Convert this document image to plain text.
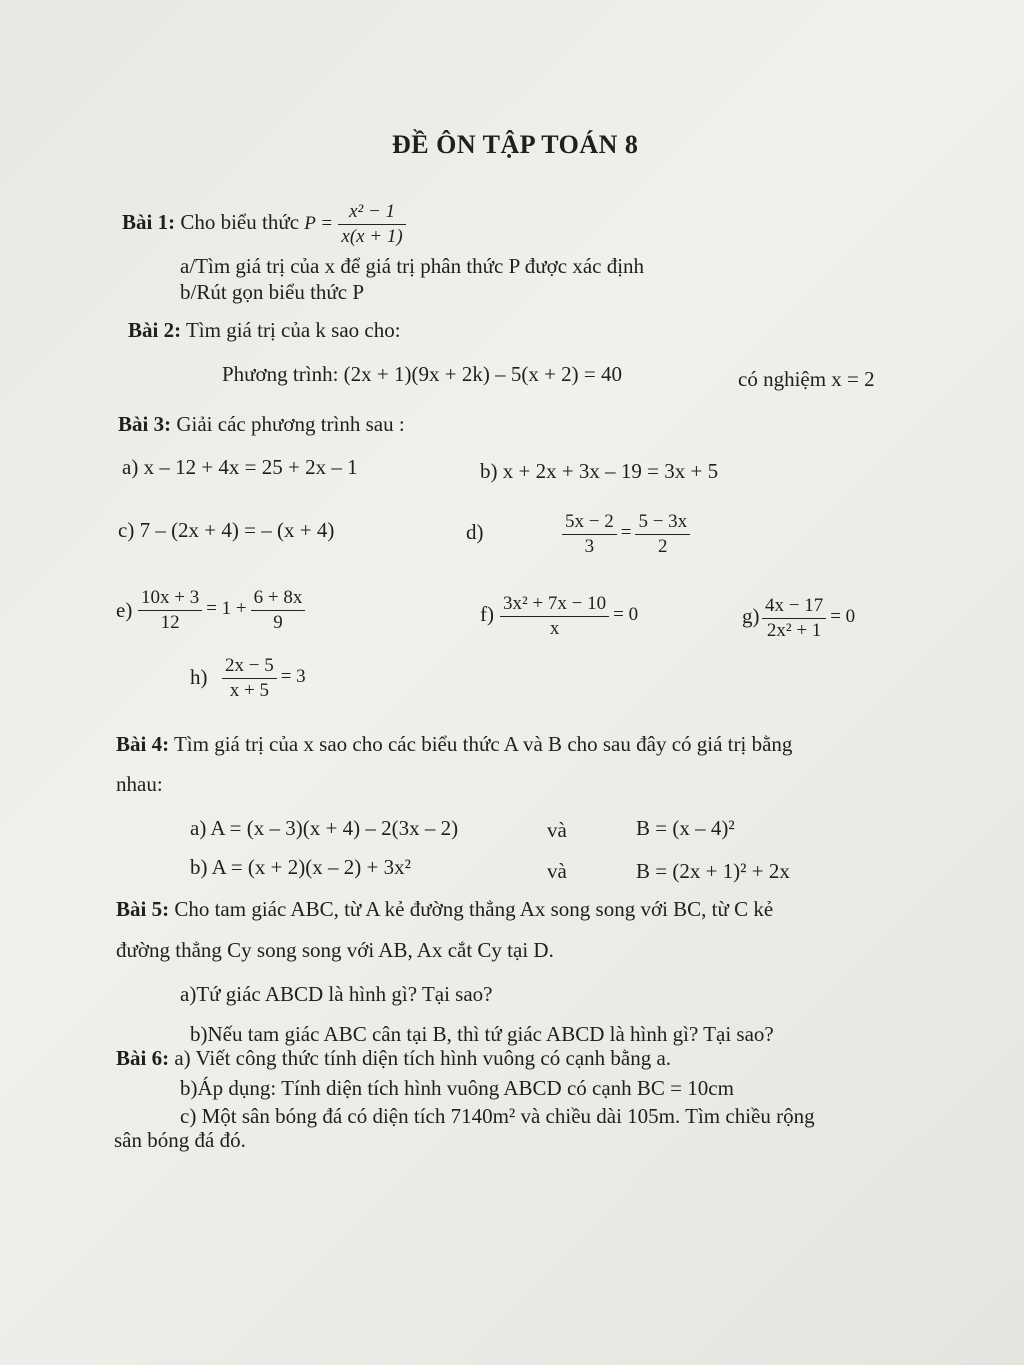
ĐỀ ÔN TẬP TOÁN 8
Bài 1: Cho biểu thức $P = \frac{\text{x² − 1}}{x(x + 1)}$
a/Tìm giá trị của x để giá trị phân thức P được xác định
b/Rút gọn biểu thức P
Bài 2: Tìm giá trị của k sao cho:
Phương trình: (2x + 1)(9x + 2k) – 5(x + 2) = 40	có nghiệm x = 2
Bài 3: Giải các phương trình sau :
a) x – 12 + 4x = 25 + 2x – 1	b) x + 2x + 3x – 19 = 3x + 5
c) 7 – (2x + 4) = – (x + 4)	d)	$\frac{5x - 2}{3} = \frac{5 - 3x}{2}$
$e) \frac{10x + 3}{12} = 1 + \frac{6 + 8x}{9}$	$f) \frac{\text{3x² + 7x − 10}}{x} = 0$	$g) \frac{4x - 17}{\text{2x² + 1}} = 0$
$h) \frac{2x - 5}{x + 5} = 3$
Bài 4: Tìm giá trị của x sao cho các biểu thức A và B cho sau đây có giá trị bằng
nhau:
a) A = (x – 3)(x + 4) – 2(3x – 2)	và	B = (x – 4)²
b) A = (x + 2)(x – 2) + 3x²	và	B = (2x + 1)² + 2x
Bài 5: Cho tam giác ABC, từ A kẻ đường thẳng Ax song song với BC, từ C kẻ
đường thẳng Cy song song với AB, Ax cắt Cy tại D.
a)Tứ giác ABCD là hình gì? Tại sao?
b)Nếu tam giác ABC cân tại B, thì tứ giác ABCD là hình gì? Tại sao?
Bài 6: a) Viết công thức tính diện tích hình vuông có cạnh bằng a.
b)Áp dụng: Tính diện tích hình vuông ABCD có cạnh BC = 10cm
c) Một sân bóng đá có diện tích 7140m² và chiều dài 105m. Tìm chiều rộng
sân bóng đá đó.
